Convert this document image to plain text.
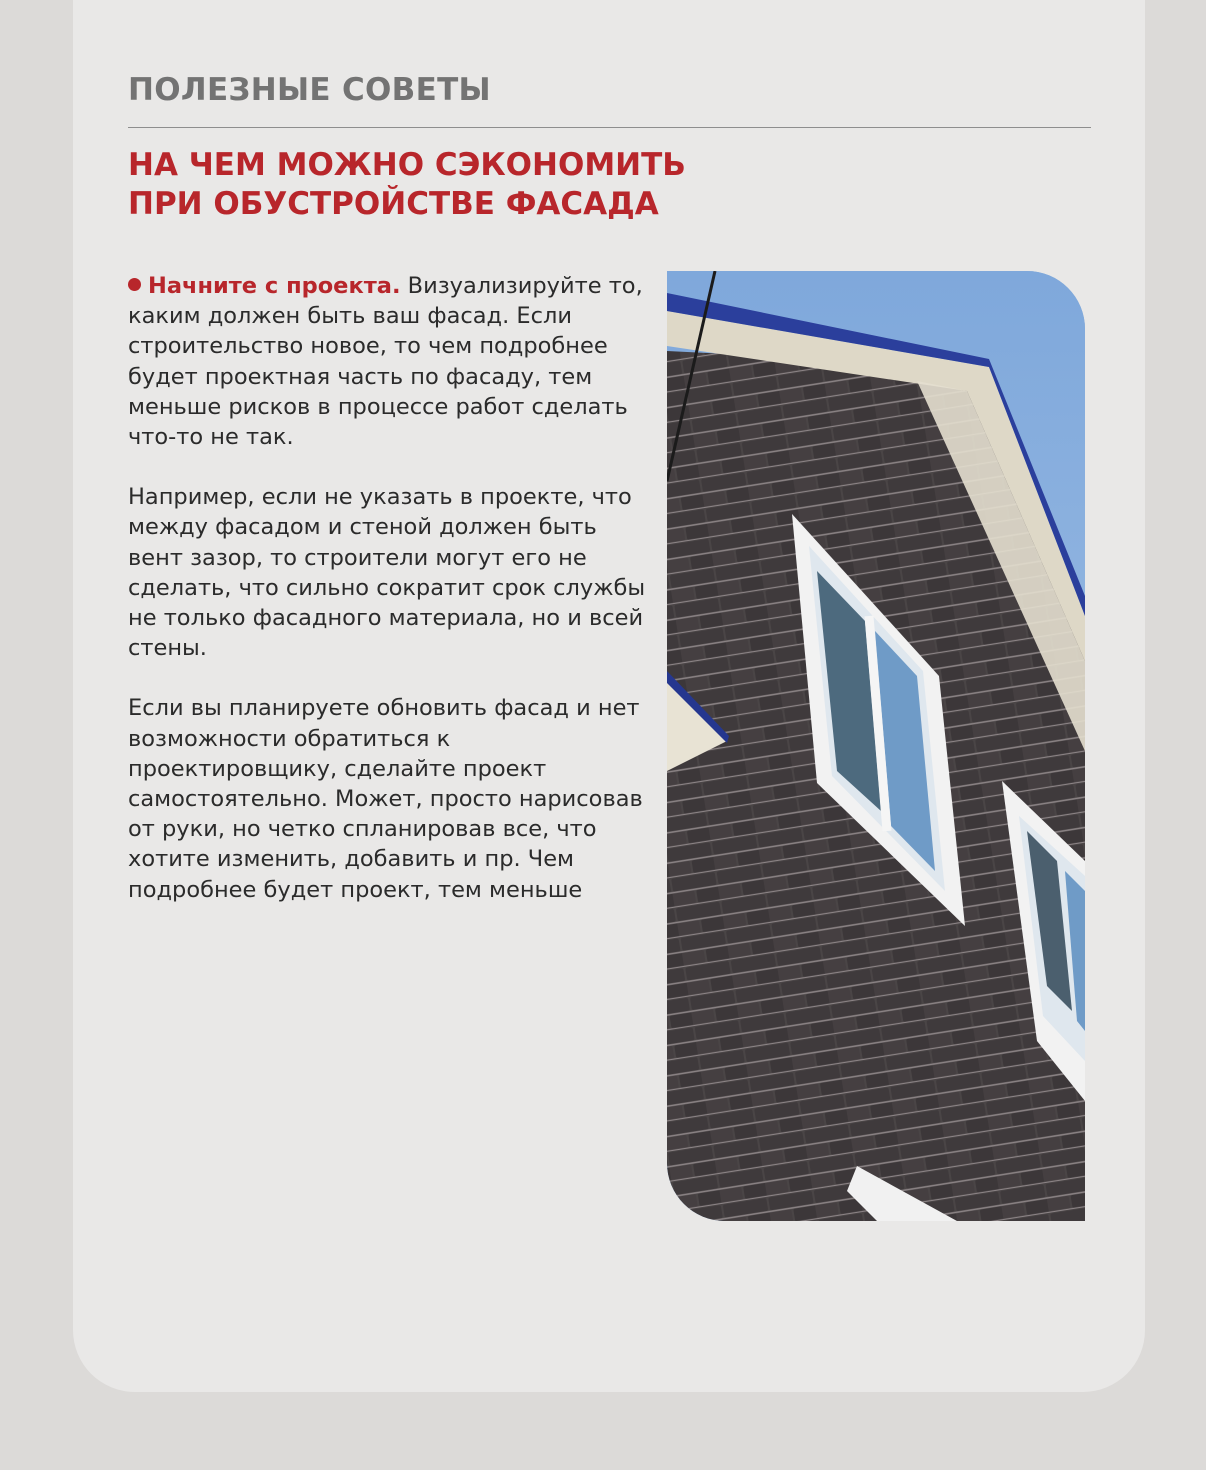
ПОЛЕЗНЫЕ СОВЕТЫ
НА ЧЕМ МОЖНО СЭКОНОМИТЬ
ПРИ ОБУСТРОЙСТВЕ ФАСАДА

Начните с проекта. Визуализируйте то, каким должен быть ваш фасад. Если строительство новое, то чем подробнее будет проектная часть по фасаду, тем меньше рисков в процессе работ сделать что-то не так.

Например, если не указать в проекте, что между фасадом и стеной должен быть вент зазор, то строители могут его не сделать, что сильно сократит срок службы не только фасадного материала, но и всей стены.

Если вы планируете обновить фасад и нет возможности обратиться к проектировщику, сделайте проект самостоятельно. Может, просто нарисовав от руки, но четко спланировав все, что хотите изменить, добавить и пр. Чем подробнее будет проект, тем меньше
